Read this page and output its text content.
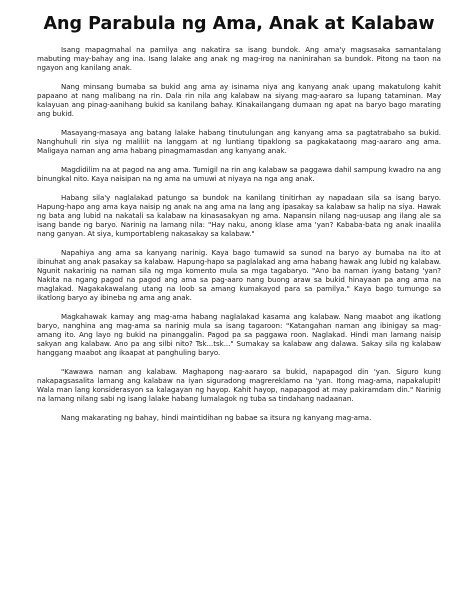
Ang Parabula ng Ama, Anak at Kalabaw

Isang mapagmahal na pamilya ang nakatira sa isang bundok. Ang ama'y magsasaka samantalang mabuting may-bahay ang ina. Isang lalake ang anak ng mag-irog na naninirahan sa bundok. Pitong na taon na ngayon ang kanilang anak.

Nang minsang bumaba sa bukid ang ama ay isinama niya ang kanyang anak upang makatulong kahit papaano at nang malibang na rin. Dala rin nila ang kalabaw na siyang mag-aararo sa lupang tataminan. May kalayuan ang pinag-aanihang bukid sa kanilang bahay. Kinakailangang dumaan ng apat na baryo bago marating ang bukid.

Masayang-masaya ang batang lalake habang tinutulungan ang kanyang ama sa pagtatrabaho sa bukid. Nanghuhuli rin siya ng maliliit na langgam at ng luntiang tipaklong sa pagkakataong mag-aararo ang ama. Maligaya naman ang ama habang pinagmamasdan ang kanyang anak.

Magdidilim na at pagod na ang ama. Tumigil na rin ang kalabaw sa paggawa dahil sampung kwadro na ang binungkal nito. Kaya naisipan na ng ama na umuwi at niyaya na nga ang anak.

Habang sila'y naglalakad patungo sa bundok na kanilang tinitirhan ay napadaan sila sa isang baryo. Hapung-hapo ang ama kaya naisip ng anak na ang ama na lang ang ipasakay sa kalabaw sa halip na siya. Hawak ng bata ang lubid na nakatali sa kalabaw na kinasasakyan ng ama. Napansin nilang nag-uusap ang ilang ale sa isang bande ng baryo. Narinig na lamang nila: "Hay naku, anong klase ama 'yan? Kababa-bata ng anak inaalila nang ganyan. At siya, kumportableng nakasakay sa kalabaw."

Napahiya ang ama sa kanyang narinig. Kaya bago tumawid sa sunod na baryo ay bumaba na ito at ibinuhat ang anak pasakay sa kalabaw. Hapung-hapo sa paglalakad ang ama habang hawak ang lubid ng kalabaw. Ngunit nakarinig na naman sila ng mga komento mula sa mga tagabaryo. "Ano ba naman iyang batang 'yan? Nakita na ngang pagod na pagod ang ama sa pag-aaro nang buong araw sa bukid hinayaan pa ang ama na maglakad. Nagakakawalang utang na loob sa amang kumakayod para sa pamilya." Kaya bago tumungo sa ikatlong baryo ay ibineba ng ama ang anak.

Magkahawak kamay ang mag-ama habang naglalakad kasama ang kalabaw. Nang maabot ang ikatlong baryo, nanghina ang mag-ama sa narinig mula sa isang tagaroon: "Katangahan naman ang ibinigay sa mag-amang ito. Ang layo ng bukid na pinanggalin. Pagod pa sa paggawa roon. Naglakad. Hindi man lamang naisip sakyan ang kalabaw. Ano pa ang silbi nito? Tsk...tsk..." Sumakay sa kalabaw ang dalawa. Sakay sila ng kalabaw hanggang maabot ang ikaapat at panghuling baryo.

"Kawawa naman ang kalabaw. Maghapong nag-aararo sa bukid, napapagod din 'yan. Siguro kung nakapagsasalita lamang ang kalabaw na iyan siguradong magrereklamo na 'yan. Itong mag-ama, napakalupit! Wala man lang konsiderasyon sa kalagayan ng hayop. Kahit hayop, napapagod at may pakiramdam din." Narinig na lamang nilang sabi ng isang lalake habang lumalagok ng tuba sa tindahang nadaanan.

Nang makarating ng bahay, hindi maintidihan ng babae sa itsura ng kanyang mag-ama.
